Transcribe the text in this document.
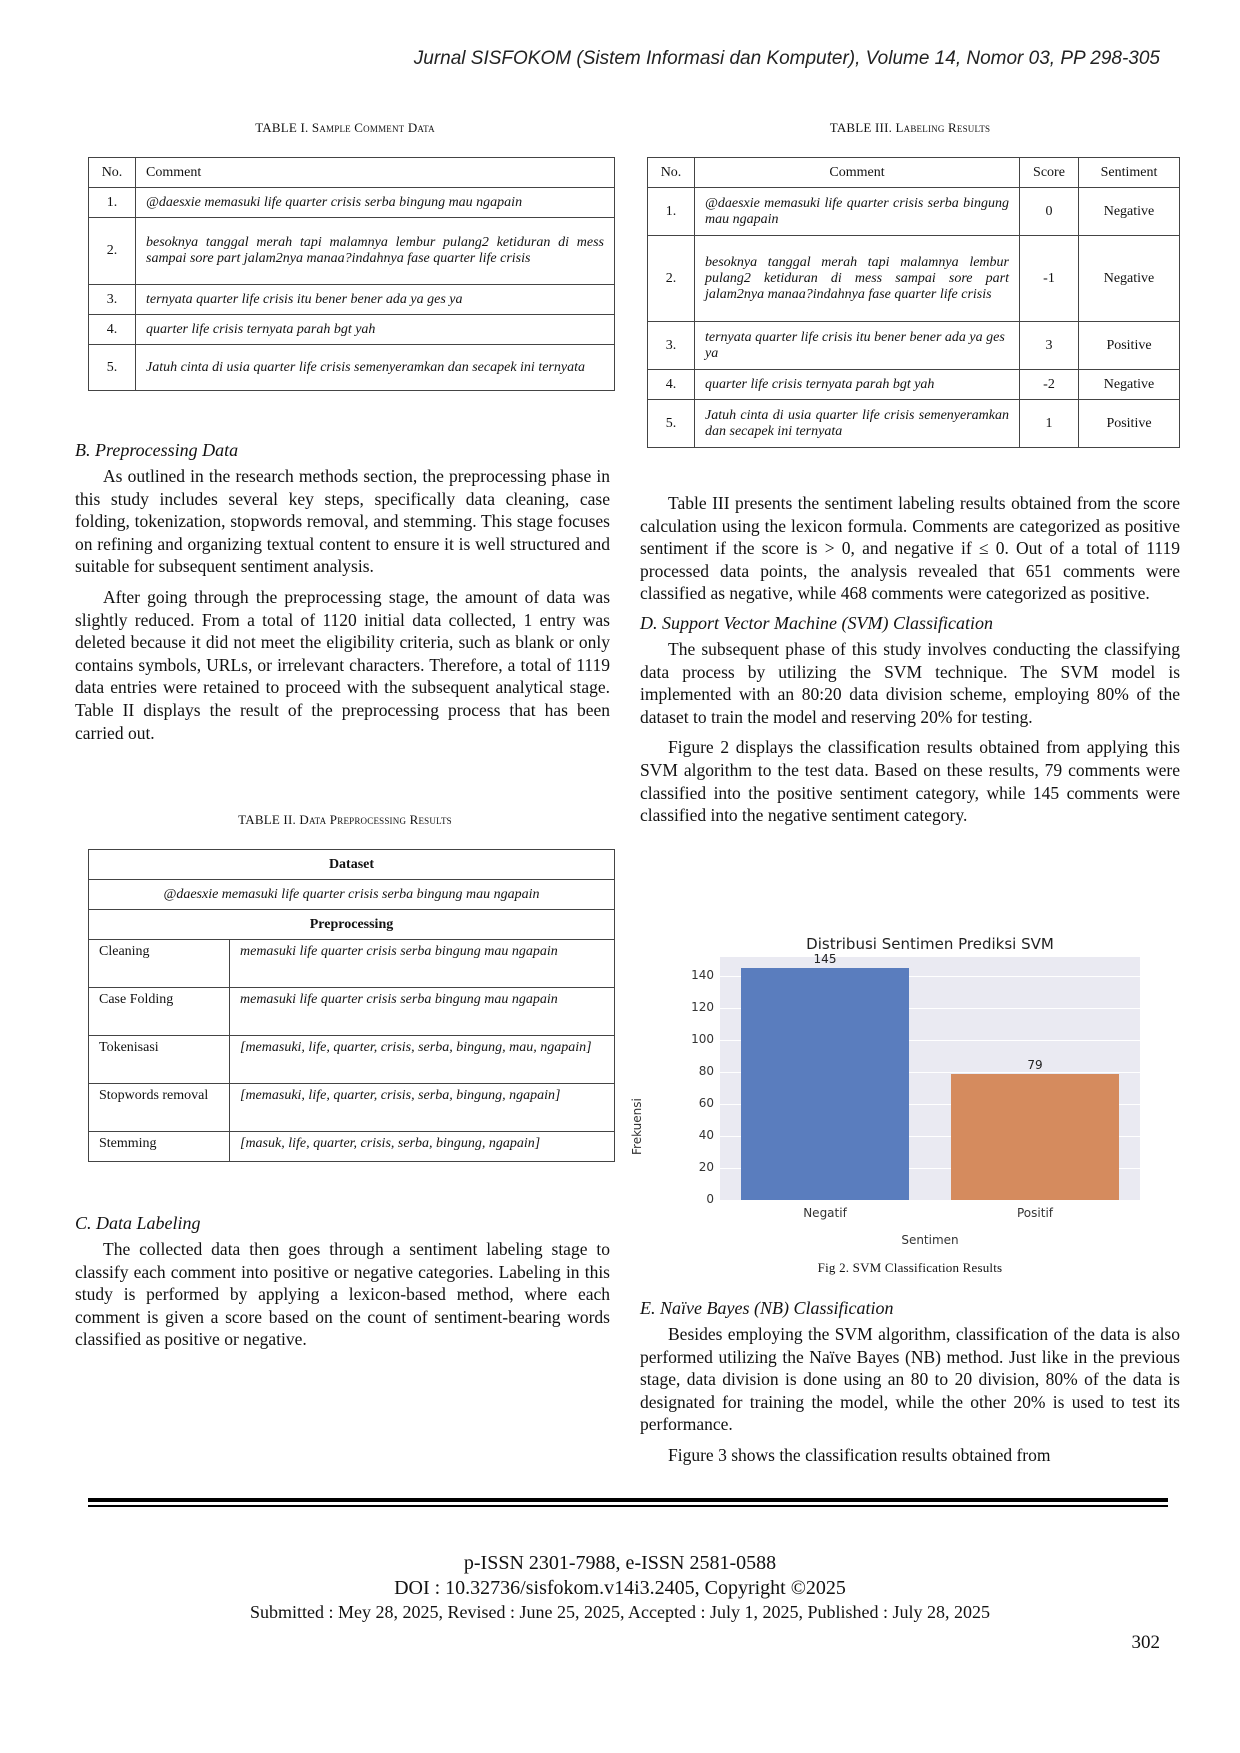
Jurnal SISFOKOM (Sistem Informasi dan Komputer), Volume 14, Nomor 03, PP 298-305
TABLE I. Sample Comment Data
No.	Comment
1.	@daesxie memasuki life quarter crisis serba bingung mau ngapain
2.	besoknya tanggal merah tapi malamnya lembur pulang2 ketiduran di mess sampai sore part jalam2nya manaa?indahnya fase quarter life crisis
3.	ternyata quarter life crisis itu bener bener ada ya ges ya
4.	quarter life crisis ternyata parah bgt yah
5.	Jatuh cinta di usia quarter life crisis semenyeramkan dan secapek ini ternyata
B. Preprocessing Data

As outlined in the research methods section, the preprocessing phase in this study includes several key steps, specifically data cleaning, case folding, tokenization, stopwords removal, and stemming. This stage focuses on refining and organizing textual content to ensure it is well structured and suitable for subsequent sentiment analysis.

After going through the preprocessing stage, the amount of data was slightly reduced. From a total of 1120 initial data collected, 1 entry was deleted because it did not meet the eligibility criteria, such as blank or only contains symbols, URLs, or irrelevant characters. Therefore, a total of 1119 data entries were retained to proceed with the subsequent analytical stage. Table II displays the result of the preprocessing process that has been carried out.

TABLE II. Data Preprocessing Results
Dataset	
@daesxie memasuki life quarter crisis serba bingung mau ngapain	
Preprocessing	
Cleaning	memasuki life quarter crisis serba bingung mau ngapain
Case Folding	memasuki life quarter crisis serba bingung mau ngapain
Tokenisasi	[memasuki, life, quarter, crisis, serba, bingung, mau, ngapain]
Stopwords removal	[memasuki, life, quarter, crisis, serba, bingung, ngapain]
Stemming	[masuk, life, quarter, crisis, serba, bingung, ngapain]
C. Data Labeling

The collected data then goes through a sentiment labeling stage to classify each comment into positive or negative categories. Labeling in this study is performed by applying a lexicon-based method, where each comment is given a score based on the count of sentiment-bearing words classified as positive or negative.

TABLE III. Labeling Results
No.	Comment	Score	Sentiment
1.	@daesxie memasuki life quarter crisis serba bingung mau ngapain	0	Negative
2.	besoknya tanggal merah tapi malamnya lembur pulang2 ketiduran di mess sampai sore part jalam2nya manaa?indahnya fase quarter life crisis	-1	Negative
3.	ternyata quarter life crisis itu bener bener ada ya ges ya	3	Positive
4.	quarter life crisis ternyata parah bgt yah	-2	Negative
5.	Jatuh cinta di usia quarter life crisis semenyeramkan dan secapek ini ternyata	1	Positive

Table III presents the sentiment labeling results obtained from the score calculation using the lexicon formula. Comments are categorized as positive sentiment if the score is > 0, and negative if ≤ 0. Out of a total of 1119 processed data points, the analysis revealed that 651 comments were classified as negative, while 468 comments were categorized as positive.

D. Support Vector Machine (SVM) Classification

The subsequent phase of this study involves conducting the classifying data process by utilizing the SVM technique. The SVM model is implemented with an 80:20 data division scheme, employing 80% of the dataset to train the model and reserving 20% for testing.

Figure 2 displays the classification results obtained from applying this SVM algorithm to the test data. Based on these results, 79 comments were classified into the positive sentiment category, while 145 comments were classified into the negative sentiment category.

Fig 2. SVM Classification Results
E. Naïve Bayes (NB) Classification

Besides employing the SVM algorithm, classification of the data is also performed utilizing the Naïve Bayes (NB) method. Just like in the previous stage, data division is done using an 80 to 20 division, 80% of the data is designated for training the model, while the other 20% is used to test its performance.

Figure 3 shows the classification results obtained from

Distribusi Sentimen Prediksi SVM
145
79
Frekuensi
Sentimen
0
20
40
60
80
100
120
140
Negatif	Positif
p-ISSN 2301-7988, e-ISSN 2581-0588
DOI : 10.32736/sisfokom.v14i3.2405, Copyright ©2025
Submitted : Mey 28, 2025, Revised : June 25, 2025, Accepted : July 1, 2025, Published : July 28, 2025
302
